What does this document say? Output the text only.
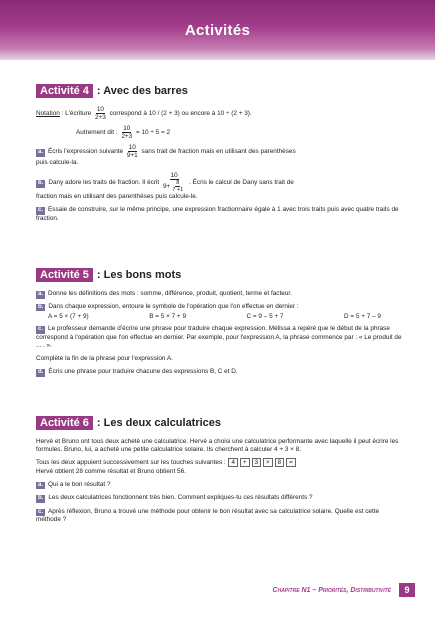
Activités
Activité 4 : Avec des barres

Notation : L'écriture $\frac{10}{2+3}$ correspond à 10 / (2 + 3) ou encore à 10 ÷ (2 + 3).

Autrement dit : $\frac{10}{2+3} = 10 \div 5 = 2$

a. Écris l'expression suivante $\frac{10}{9+1}$ sans trait de fraction mais en utilisant des parenthèses
puis calcule-la.

b. Dany adore les traits de fraction. Il écrit $\frac{10}{9+ \frac{8}{7 +1}}$ . Écris le calcul de Dany sans trait de
fraction mais en utilisant des parenthèses puis calcule-le.

c. Essaie de construire, sur le même principe, une expression fractionnaire égale à 1 avec trois traits puis avec quatre traits de fraction.

Activité 5 : Les bons mots

a. Donne les définitions des mots : somme, différence, produit, quotient, terme et facteur.

b. Dans chaque expression, entoure le symbole de l'opération que l'on effectue en dernier :

A = 5 × (7 + 9)	B = 5 × 7 + 9	C = 9 – 5 + 7	D = 5 + 7 – 9

c. Le professeur demande d'écrire une phrase pour traduire chaque expression. Mélissa a repéré que le début de la phrase correspond à l'opération que l'on effectue en dernier. Par exemple, pour l'expression A, la phrase commence par : « Le produit de ... . ».

Complète la fin de la phrase pour l'expression A.

d. Écris une phrase pour traduire chacune des expressions B, C et D.

Activité 6 : Les deux calculatrices

Hervé et Bruno ont tous deux acheté une calculatrice. Hervé a choisi une calculatrice performante avec laquelle il peut écrire les formules. Bruno, lui, a acheté une petite calculatrice solaire. Ils cherchent à calculer 4 + 3 × 8.

Tous les deux appuient successivement sur les touches suivantes : 4 + 3 × 8 =

Hervé obtient 28 comme résultat et Bruno obtient 56.

a. Qui a le bon résultat ?

b. Les deux calculatrices fonctionnent très bien. Comment expliques-tu ces résultats différents ?

c. Après réflexion, Bruno a trouvé une méthode pour obtenir le bon résultat avec sa calculatrice solaire. Quelle est cette méthode ?

Chapitre N1 – Priorités, Distributivité	9
